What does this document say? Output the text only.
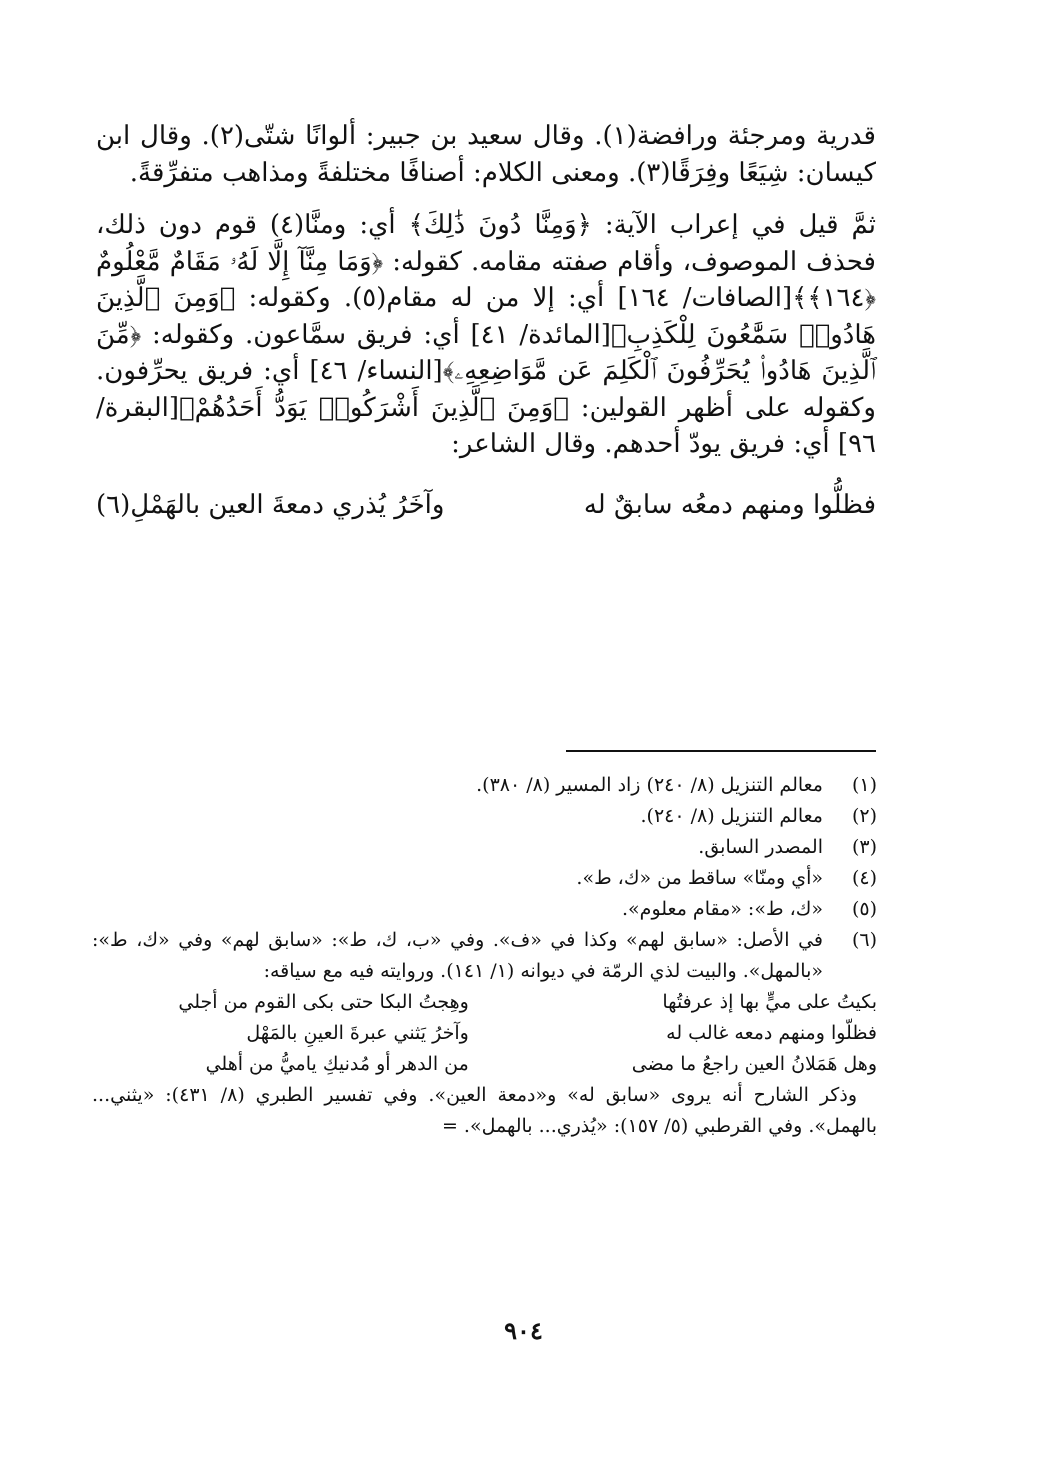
قدرية ومرجئة ورافضة(١). وقال سعيد بن جبير: ألوانًا شتّى(٢). وقال ابن كيسان: شِيَعًا وفِرَقًا(٣). ومعنى الكلام: أصنافًا مختلفةً ومذاهب متفرِّقةً.

ثمَّ قيل في إعراب الآية: ﴿وَمِنَّا دُونَ ذَٰلِكَ﴾ أي: ومنَّا(٤) قوم دون ذلك، فحذف الموصوف، وأقام صفته مقامه. كقوله: ﴿وَمَا مِنَّآ إِلَّا لَهُۥ مَقَامٌ مَّعْلُومٌ ﴿١٦٤﴾﴾[الصافات/ ١٦٤] أي: إلا من له مقام(٥). وكقوله: ﴿وَمِنَ ٱلَّذِينَ هَادُوا۟ سَمَّٰعُونَ لِلْكَذِبِ﴾[المائدة/ ٤١] أي: فريق سمَّاعون. وكقوله: ﴿مِّنَ ٱلَّذِينَ هَادُوا۟ يُحَرِّفُونَ ٱلْكَلِمَ عَن مَّوَاضِعِهِۦ﴾[النساء/ ٤٦] أي: فريق يحرِّفون. وكقوله على أظهر القولين: ﴿وَمِنَ ٱلَّذِينَ أَشْرَكُوا۟ يَوَدُّ أَحَدُهُمْ﴾[البقرة/ ٩٦] أي: فريق يودّ أحدهم. وقال الشاعر:

فظلُّوا ومنهم دمعُه سابقٌ له
وآخَرُ يُذري دمعةَ العين بالهَمْلِ(٦)
(١)
معالم التنزيل (٨/ ٢٤٠) زاد المسير (٨/ ٣٨٠).
(٢)
معالم التنزيل (٨/ ٢٤٠).
(٣)
المصدر السابق.
(٤)
«أي ومنّا» ساقط من «ك، ط».
(٥)
«ك، ط»: «مقام معلوم».
(٦)

في الأصل: «سابق لهم» وكذا في «ف». وفي «ب، ك، ط»: «سابق لهم» وفي «ك، ط»: «بالمهل». والبيت لذي الرمّة في ديوانه (١/ ١٤١). وروايته فيه مع سياقه:

بكيتُ على ميٍّ بها إذ عرفتُها
وهِجتُ البكا حتى بكى القوم من أجلي
فظلّوا ومنهم دمعه غالب له
وآخرُ يَثني عبرةَ العينِ بالمَهْل
وهل هَمَلانُ العين راجعُ ما مضى
من الدهر أو مُدنيكِ ياميُّ من أهلي

وذكر الشارح أنه يروى «سابق له» و«دمعة العين». وفي تفسير الطبري (٨/ ٤٣١): «يثني... بالهمل». وفي القرطبي (٥/ ١٥٧): «يُذري... بالهمل». =

٩٠٤
